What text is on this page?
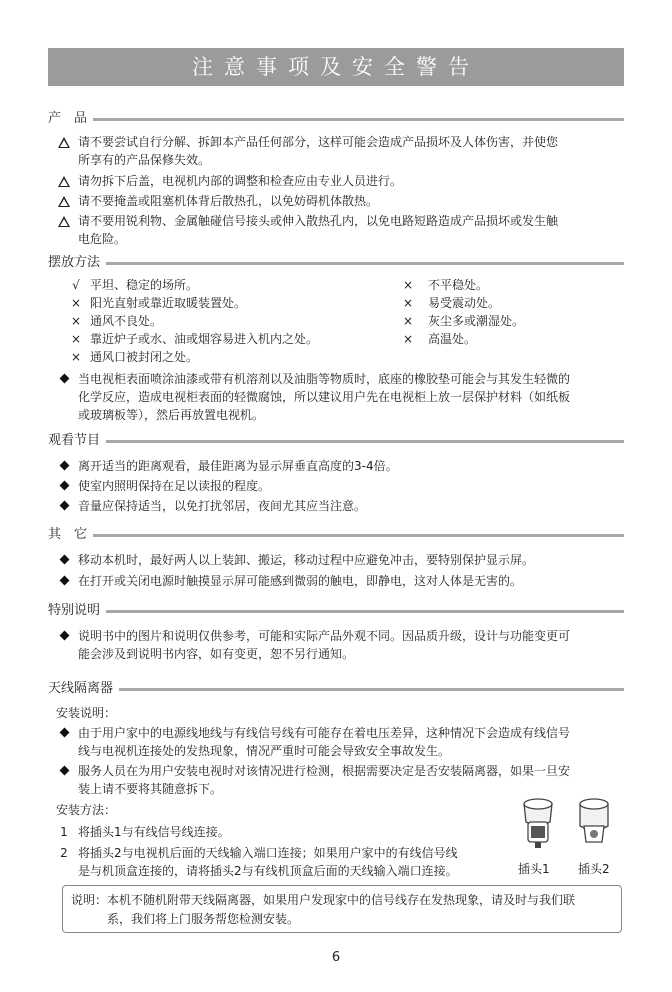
注意事项及安全警告
产　品
请不要尝试自行分解、拆卸本产品任何部分，这样可能会造成产品损坏及人体伤害，并使您
所享有的产品保修失效。
请勿拆下后盖，电视机内部的调整和检查应由专业人员进行。
请不要掩盖或阻塞机体背后散热孔，以免妨碍机体散热。
请不要用锐利物、金属触碰信号接头或伸入散热孔内，以免电路短路造成产品损坏或发生触
电危险。
摆放方法
√ 平坦、稳定的场所。
× 阳光直射或靠近取暖装置处。
× 通风不良处。
× 靠近炉子或水、油或烟容易进入机内之处。
× 通风口被封闭之处。
× 不平稳处。
× 易受震动处。
× 灰尘多或潮湿处。
× 高温处。
当电视柜表面喷涂油漆或带有机溶剂以及油脂等物质时，底座的橡胶垫可能会与其发生轻微的
化学反应，造成电视柜表面的轻微腐蚀，所以建议用户先在电视柜上放一层保护材料（如纸板
或玻璃板等），然后再放置电视机。
观看节目
离开适当的距离观看，最佳距离为显示屏垂直高度的3-4倍。
使室内照明保持在足以读报的程度。
音量应保持适当，以免打扰邻居，夜间尤其应当注意。
其　它
移动本机时，最好两人以上装卸、搬运，移动过程中应避免冲击，要特别保护显示屏。
在打开或关闭电源时触摸显示屏可能感到微弱的触电，即静电，这对人体是无害的。
特别说明
说明书中的图片和说明仅供参考，可能和实际产品外观不同。因品质升级，设计与功能变更可
能会涉及到说明书内容，如有变更，恕不另行通知。
天线隔离器
安装说明：
由于用户家中的电源线地线与有线信号线有可能存在着电压差异，这种情况下会造成有线信号
线与电视机连接处的发热现象，情况严重时可能会导致安全事故发生。
服务人员在为用户安装电视时对该情况进行检测，根据需要决定是否安装隔离器，如果一旦安
装上请不要将其随意拆下。
安装方法：
1 将插头1与有线信号线连接。
2 将插头2与电视机后面的天线输入端口连接；如果用户家中的有线信号线
是与机顶盒连接的，请将插头2与有线机顶盒后面的天线输入端口连接。	插头1 插头2
说明：本机不随机附带天线隔离器，如果用户发现家中的信号线存在发热现象，请及时与我们联
系，我们将上门服务帮您检测安装。
6
